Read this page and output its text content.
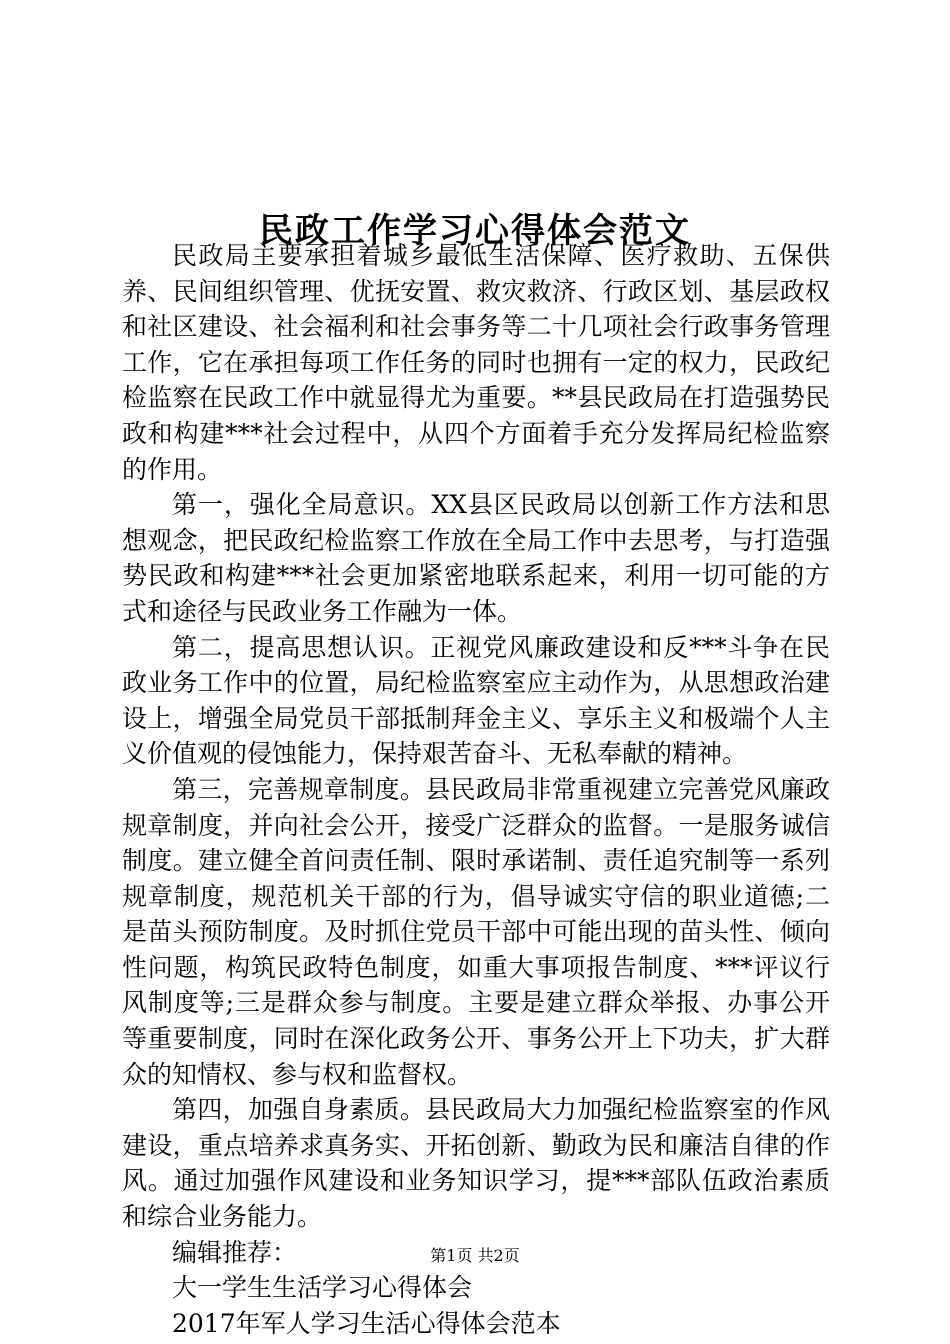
民政工作学习心得体会范文

民政局主要承担着城乡最低生活保障、医疗救助、五保供养、民间组织管理、优抚安置、救灾救济、行政区划、基层政权和社区建设、社会福利和社会事务等二十几项社会行政事务管理工作，它在承担每项工作任务的同时也拥有一定的权力，民政纪检监察在民政工作中就显得尤为重要。**县民政局在打造强势民政和构建***社会过程中，从四个方面着手充分发挥局纪检监察的作用。

第一，强化全局意识。XX县区民政局以创新工作方法和思想观念，把民政纪检监察工作放在全局工作中去思考，与打造强势民政和构建***社会更加紧密地联系起来，利用一切可能的方式和途径与民政业务工作融为一体。

第二，提高思想认识。正视党风廉政建设和反***斗争在民政业务工作中的位置，局纪检监察室应主动作为，从思想政治建设上，增强全局党员干部抵制拜金主义、享乐主义和极端个人主义价值观的侵蚀能力，保持艰苦奋斗、无私奉献的精神。

第三，完善规章制度。县民政局非常重视建立完善党风廉政规章制度，并向社会公开，接受广泛群众的监督。一是服务诚信制度。建立健全首问责任制、限时承诺制、责任追究制等一系列规章制度，规范机关干部的行为，倡导诚实守信的职业道德;二是苗头预防制度。及时抓住党员干部中可能出现的苗头性、倾向性问题，构筑民政特色制度，如重大事项报告制度、***评议行风制度等;三是群众参与制度。主要是建立群众举报、办事公开等重要制度，同时在深化政务公开、事务公开上下功夫，扩大群众的知情权、参与权和监督权。

第四，加强自身素质。县民政局大力加强纪检监察室的作风建设，重点培养求真务实、开拓创新、勤政为民和廉洁自律的作风。通过加强作风建设和业务知识学习，提***部队伍政治素质和综合业务能力。

编辑推荐：

大一学生生活学习心得体会

2017年军人学习生活心得体会范本

第1页 共2页
